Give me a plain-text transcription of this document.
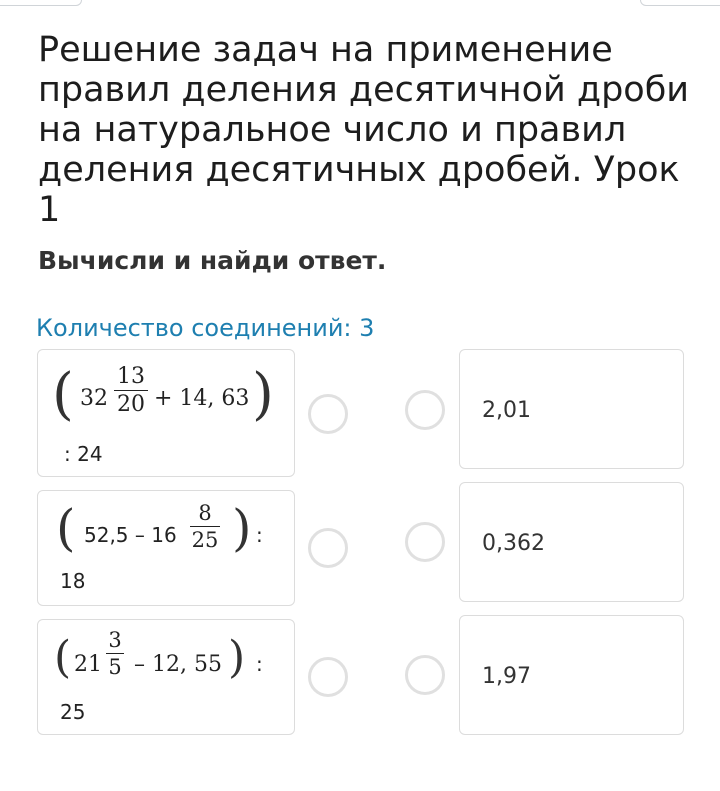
Решение задач на применение правил деления десятичной дроби на натуральное число и правил деления десятичных дробей. Урок 1
Вычисли и найди ответ.
Количество соединений: 3
( 32
13
20 + 14, 63 )
: 24
( 52,5 – 16
8
25 ) :
18
( 21
3
5 – 12, 55 ) :
25
2,01
0,362
1,97
